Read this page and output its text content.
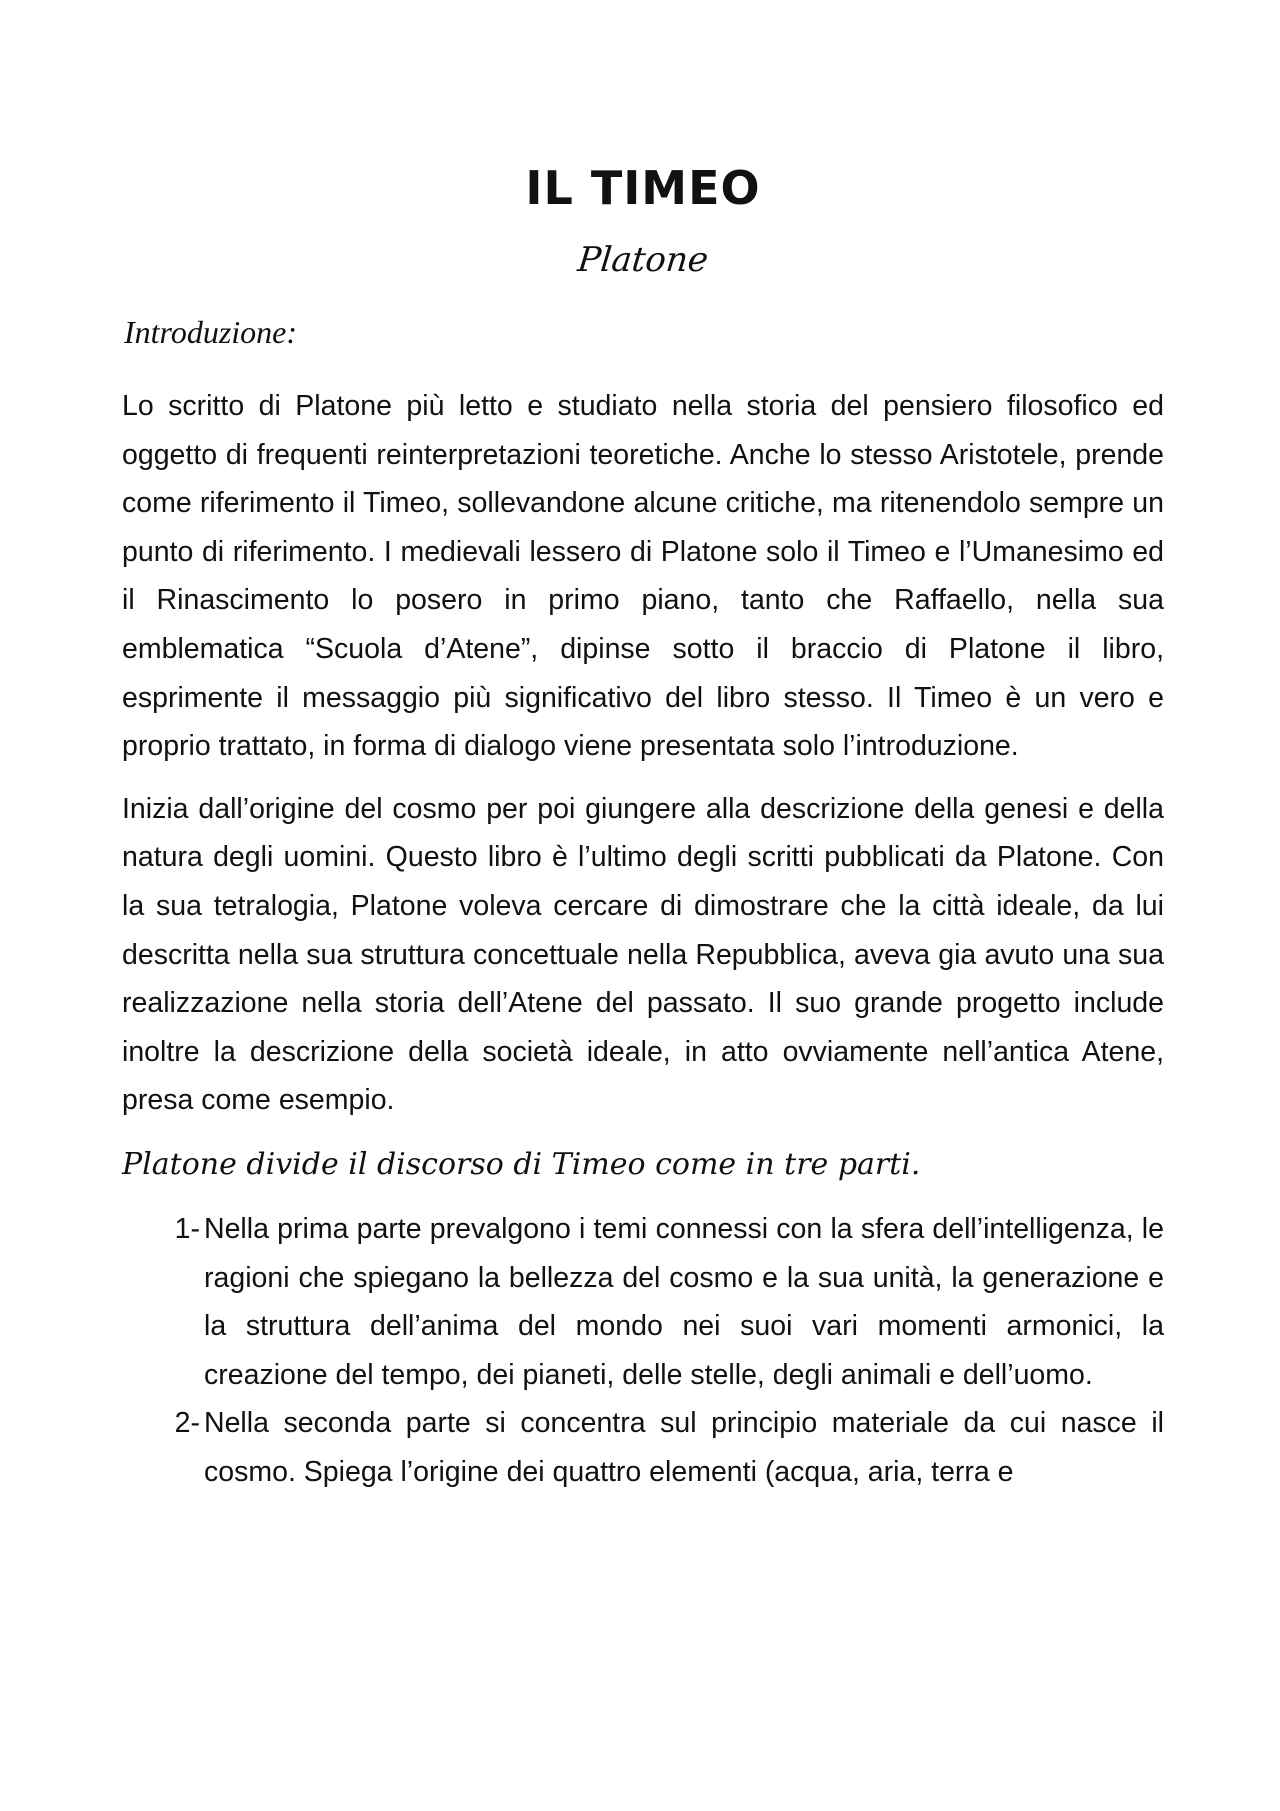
IL TIMEO
Platone
Introduzione:

Lo scritto di Platone più letto e studiato nella storia del pensiero filosofico ed oggetto di frequenti reinterpretazioni teoretiche. Anche lo stesso Aristotele, prende come riferimento il Timeo, sollevandone alcune critiche, ma ritenendolo sempre un punto di riferimento. I medievali lessero di Platone solo il Timeo e l’Umanesimo ed il Rinascimento lo posero in primo piano, tanto che Raffaello, nella sua emblematica “Scuola d’Atene”, dipinse sotto il braccio di Platone il libro, esprimente il messaggio più significativo del libro stesso. Il Timeo è un vero e proprio trattato, in forma di dialogo viene presentata solo l’introduzione.

Inizia dall’origine del cosmo per poi giungere alla descrizione della genesi e della natura degli uomini. Questo libro è l’ultimo degli scritti pubblicati da Platone. Con la sua tetralogia, Platone voleva cercare di dimostrare che la città ideale, da lui descritta nella sua struttura concettuale nella Repubblica, aveva gia avuto una sua realizzazione nella storia dell’Atene del passato. Il suo grande progetto include inoltre la descrizione della società ideale, in atto ovviamente nell’antica Atene, presa come esempio.

Platone divide il discorso di Timeo come in tre parti.
1- Nella prima parte prevalgono i temi connessi con la sfera dell’intelligenza, le ragioni che spiegano la bellezza del cosmo e la sua unità, la generazione e la struttura dell’anima del mondo nei suoi vari momenti armonici, la creazione del tempo, dei pianeti, delle stelle, degli animali e dell’uomo.
2- Nella seconda parte si concentra sul principio materiale da cui nasce il cosmo. Spiega l’origine dei quattro elementi (acqua, aria, terra e
